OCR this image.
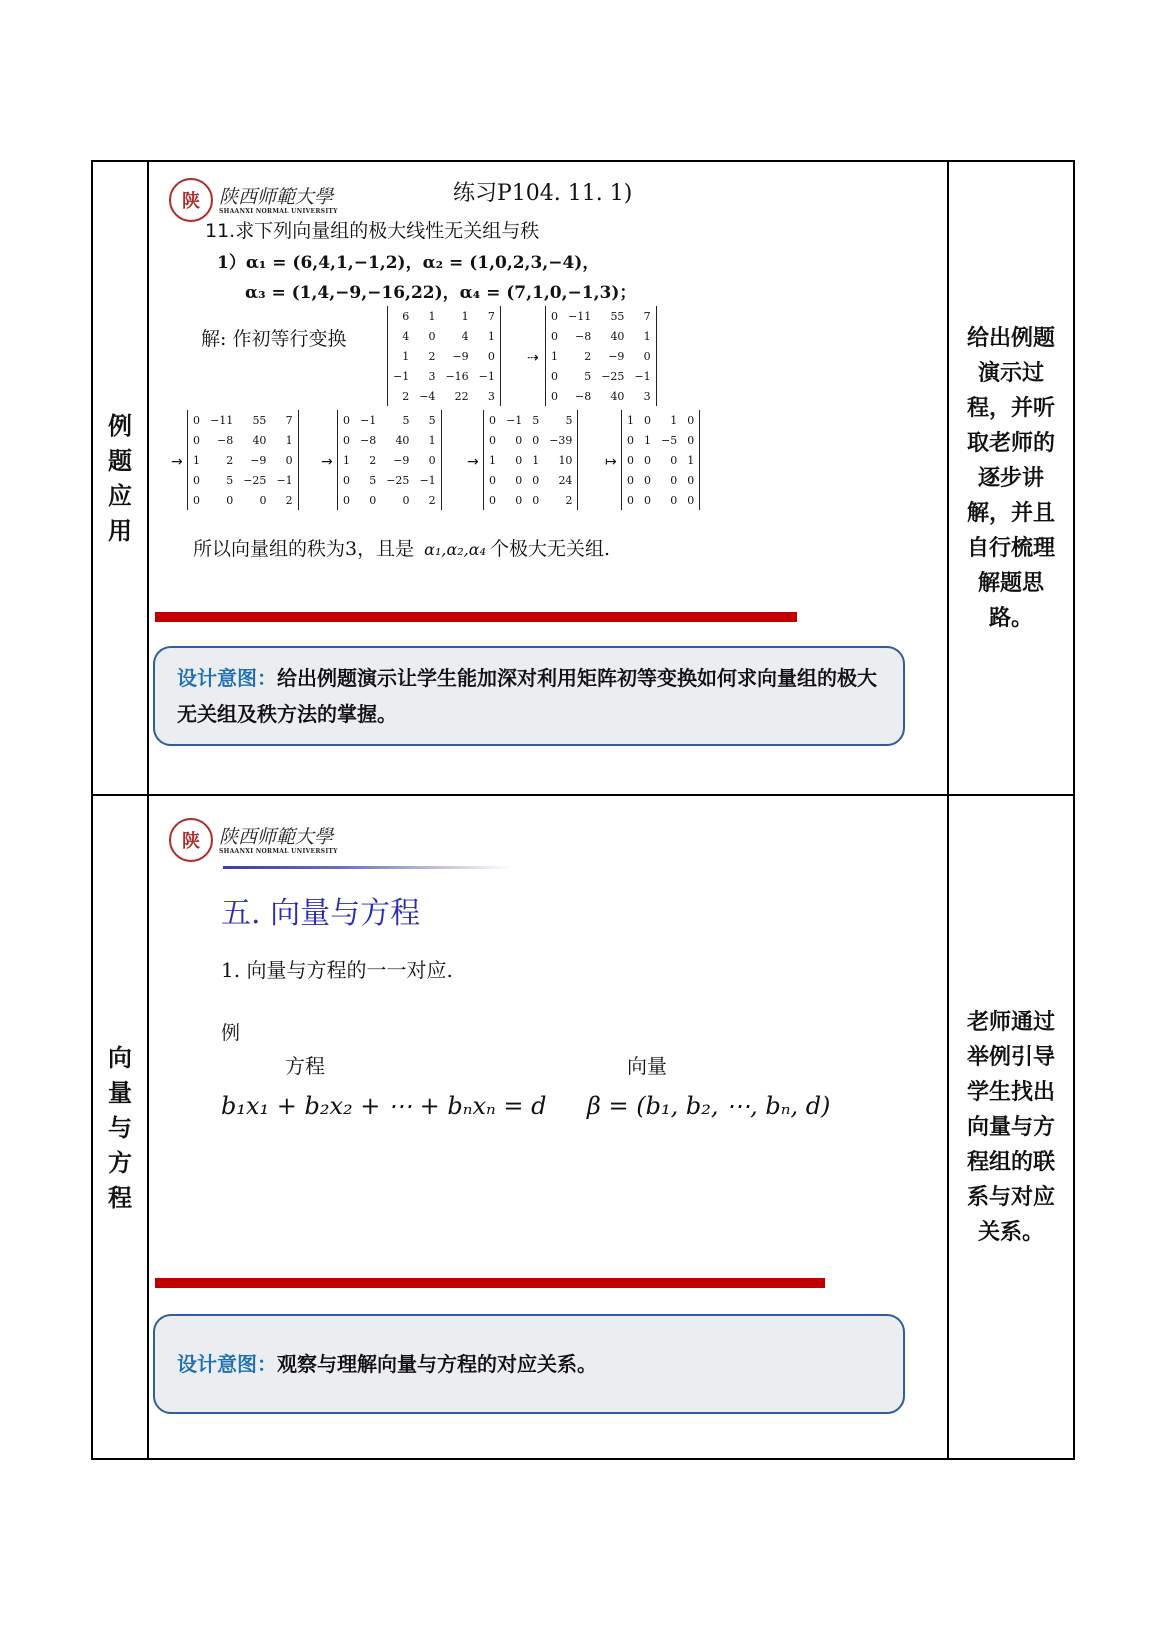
例题应用
陕	陕西师範大學
SHAANXI NORMAL UNIVERSITY
练习P104. 11. 1)
11.求下列向量组的极大线性无关组与秩
1）α₁ = (6,4,1,−1,2)，α₂ = (1,0,2,3,−4)，
α₃ = (1,4,−9,−16,22)，α₄ = (7,1,0,−1,3)；
解: 作初等行变换
6	1	1	7
4	0	4	1
1	2	−9	0
−1	3	−16	−1
2	−4	22	3
⇢
0	−11	55	7
0	−8	40	1
1	2	−9	0
0	5	−25	−1
0	−8	40	3
→
0	−11	55	7
0	−8	40	1
1	2	−9	0
0	5	−25	−1
0	0	0	2
→
0	−1	5	5
0	−8	40	1
1	2	−9	0
0	5	−25	−1
0	0	0	2
→
0	−1	5	5
0	0	0	−39
1	0	1	10
0	0	0	24
0	0	0	2
↦
1	0	1	0
0	1	−5	0
0	0	0	1
0	0	0	0
0	0	0	0
所以向量组的秩为3，且是 α₁,α₂,α₄ 个极大无关组.
设计意图：给出例题演示让学生能加深对利用矩阵初等变换如何求向量组的极大无关组及秩方法的掌握。
给出例题演示过程，并听取老师的逐步讲解，并且自行梳理解题思路。
向量与方程
陕	陕西师範大學
SHAANXI NORMAL UNIVERSITY
五. 向量与方程
1. 向量与方程的一一对应.
例
方程	向量
b₁x₁ + b₂x₂ + ⋯ + bₙxₙ = d β = (b₁, b₂, ⋯, bₙ, d)
设计意图：观察与理解向量与方程的对应关系。
老师通过举例引导学生找出向量与方程组的联系与对应关系。
